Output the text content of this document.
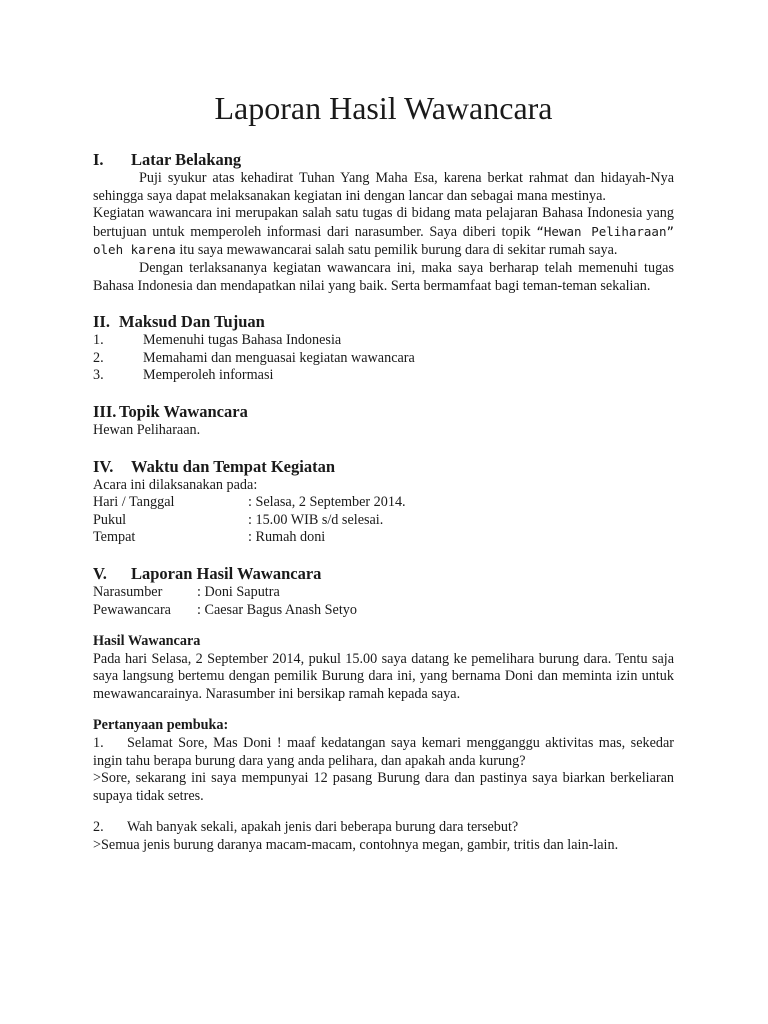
Laporan Hasil Wawancara
I.	Latar Belakang

Puji syukur atas kehadirat Tuhan Yang Maha Esa, karena berkat rahmat dan hidayah-Nya sehingga saya dapat melaksanakan kegiatan ini dengan lancar dan sebagai mana mestinya.

Kegiatan wawancara ini merupakan salah satu tugas di bidang mata pelajaran Bahasa Indonesia yang bertujuan untuk memperoleh informasi dari narasumber. Saya diberi topik “Hewan Peliharaan” oleh karena itu saya mewawancarai salah satu pemilik burung dara di sekitar rumah saya.

Dengan terlaksananya kegiatan wawancara ini, maka saya berharap telah memenuhi tugas Bahasa Indonesia dan mendapatkan nilai yang baik. Serta bermamfaat bagi teman-teman sekalian.

II. Maksud Dan Tujuan
1.	Memenuhi tugas Bahasa Indonesia
2.	Memahami dan menguasai kegiatan wawancara
3.	Memperoleh informasi
III. Topik Wawancara

Hewan Peliharaan.

IV.	Waktu dan Tempat Kegiatan

Acara ini dilaksanakan pada:

Hari / Tanggal	: Selasa, 2 September 2014.
Pukul	: 15.00 WIB s/d selesai.
Tempat	: Rumah doni
V.	Laporan Hasil Wawancara
Narasumber	: Doni Saputra
Pewawancara	: Caesar Bagus Anash Setyo

Hasil Wawancara

Pada hari Selasa, 2 September 2014, pukul 15.00 saya datang ke pemelihara burung dara. Tentu saja saya langsung bertemu dengan pemilik Burung dara ini, yang bernama Doni dan meminta izin untuk mewawancarainya. Narasumber ini bersikap ramah kepada saya.

Pertanyaan pembuka:

1. Selamat Sore, Mas Doni ! maaf kedatangan saya kemari mengganggu aktivitas mas, sekedar ingin tahu berapa burung dara yang anda pelihara, dan apakah anda kurung?

>Sore, sekarang ini saya mempunyai 12 pasang Burung dara dan pastinya saya biarkan berkeliaran supaya tidak setres.

2. Wah banyak sekali, apakah jenis dari beberapa burung dara tersebut?

>Semua jenis burung daranya macam-macam, contohnya megan, gambir, tritis dan lain-lain.
